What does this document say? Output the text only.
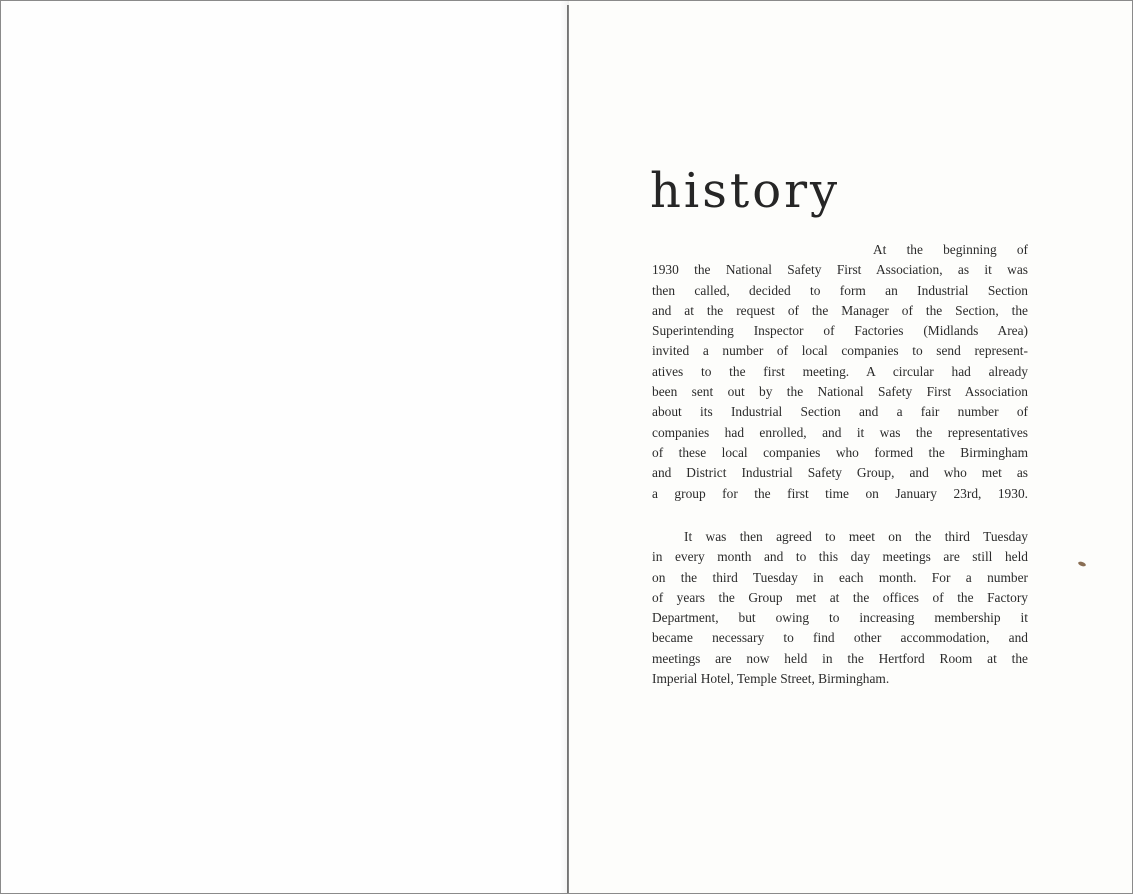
history
At the beginning of
1930 the National Safety First Association, as it was
then called, decided to form an Industrial Section
and at the request of the Manager of the Section, the
Superintending Inspector of Factories (Midlands Area)
invited a number of local companies to send represent-
atives to the first meeting. A circular had already
been sent out by the National Safety First Association
about its Industrial Section and a fair number of
companies had enrolled, and it was the representatives
of these local companies who formed the Birmingham
and District Industrial Safety Group, and who met as
a group for the first time on January 23rd, 1930.
It was then agreed to meet on the third Tuesday
in every month and to this day meetings are still held
on the third Tuesday in each month. For a number
of years the Group met at the offices of the Factory
Department, but owing to increasing membership it
became necessary to find other accommodation, and
meetings are now held in the Hertford Room at the
Imperial Hotel, Temple Street, Birmingham.
